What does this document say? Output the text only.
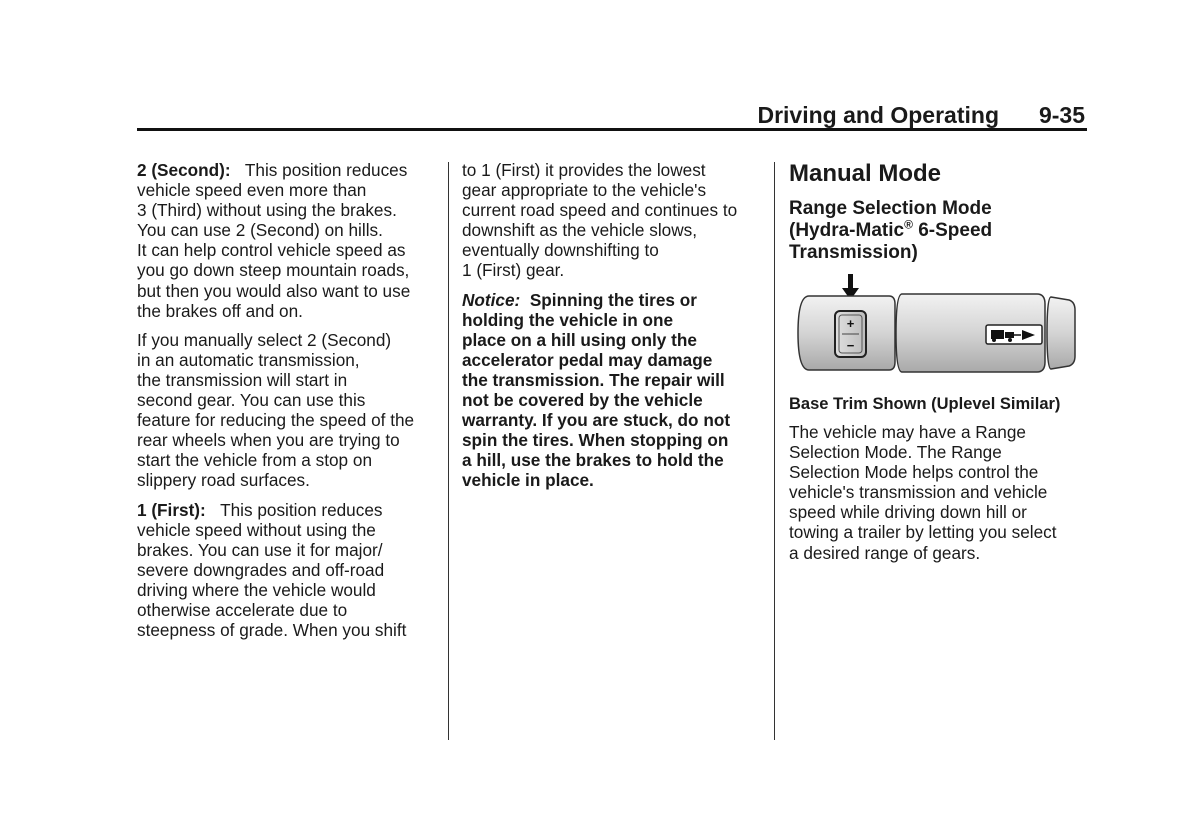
Driving and Operating 9-35
2 (Second): This position reduces
vehicle speed even more than
3 (Third) without using the brakes.
You can use 2 (Second) on hills.
It can help control vehicle speed as
you go down steep mountain roads,
but then you would also want to use
the brakes off and on.
If you manually select 2 (Second)
in an automatic transmission,
the transmission will start in
second gear. You can use this
feature for reducing the speed of the
rear wheels when you are trying to
start the vehicle from a stop on
slippery road surfaces.
1 (First): This position reduces
vehicle speed without using the
brakes. You can use it for major/
severe downgrades and off-road
driving where the vehicle would
otherwise accelerate due to
steepness of grade. When you shift
to 1 (First) it provides the lowest
gear appropriate to the vehicle's
current road speed and continues to
downshift as the vehicle slows,
eventually downshifting to
1 (First) gear.
Notice: Spinning the tires or
holding the vehicle in one
place on a hill using only the
accelerator pedal may damage
the transmission. The repair will
not be covered by the vehicle
warranty. If you are stuck, do not
spin the tires. When stopping on
a hill, use the brakes to hold the
vehicle in place.
Manual Mode
Range Selection Mode
(Hydra-Matic® 6-Speed
Transmission)
+
−
Base Trim Shown (Uplevel Similar)
The vehicle may have a Range
Selection Mode. The Range
Selection Mode helps control the
vehicle's transmission and vehicle
speed while driving down hill or
towing a trailer by letting you select
a desired range of gears.
